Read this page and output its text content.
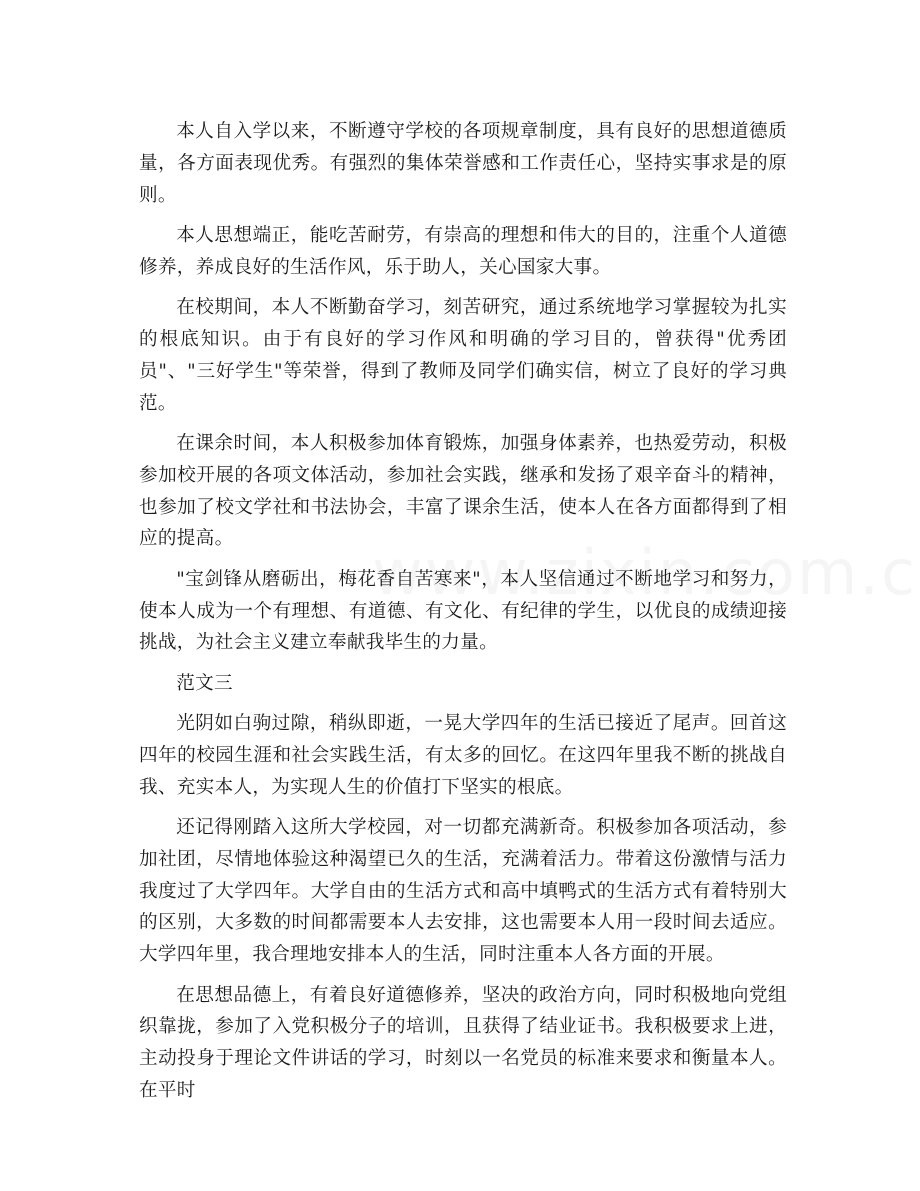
本人自入学以来，不断遵守学校的各项规章制度，具有良好的思想道德质量，各方面表现优秀。有强烈的集体荣誉感和工作责任心，坚持实事求是的原则。

本人思想端正，能吃苦耐劳，有崇高的理想和伟大的目的，注重个人道德修养，养成良好的生活作风，乐于助人，关心国家大事。

在校期间，本人不断勤奋学习，刻苦研究，通过系统地学习掌握较为扎实的根底知识。由于有良好的学习作风和明确的学习目的，曾获得"优秀团员"、"三好学生"等荣誉，得到了教师及同学们确实信，树立了良好的学习典范。

在课余时间，本人积极参加体育锻炼，加强身体素养，也热爱劳动，积极参加校开展的各项文体活动，参加社会实践，继承和发扬了艰辛奋斗的精神，也参加了校文学社和书法协会，丰富了课余生活，使本人在各方面都得到了相应的提高。

"宝剑锋从磨砺出，梅花香自苦寒来"，本人坚信通过不断地学习和努力，使本人成为一个有理想、有道德、有文化、有纪律的学生，以优良的成绩迎接挑战，为社会主义建立奉献我毕生的力量。

范文三

光阴如白驹过隙，稍纵即逝，一晃大学四年的生活已接近了尾声。回首这四年的校园生涯和社会实践生活，有太多的回忆。在这四年里我不断的挑战自我、充实本人，为实现人生的价值打下坚实的根底。

还记得刚踏入这所大学校园，对一切都充满新奇。积极参加各项活动，参加社团，尽情地体验这种渴望已久的生活，充满着活力。带着这份激情与活力我度过了大学四年。大学自由的生活方式和高中填鸭式的生活方式有着特别大的区别，大多数的时间都需要本人去安排，这也需要本人用一段时间去适应。大学四年里，我合理地安排本人的生活，同时注重本人各方面的开展。

在思想品德上，有着良好道德修养，坚决的政治方向，同时积极地向党组织靠拢，参加了入党积极分子的培训，且获得了结业证书。我积极要求上进，主动投身于理论文件讲话的学习，时刻以一名党员的标准来要求和衡量本人。在平时
